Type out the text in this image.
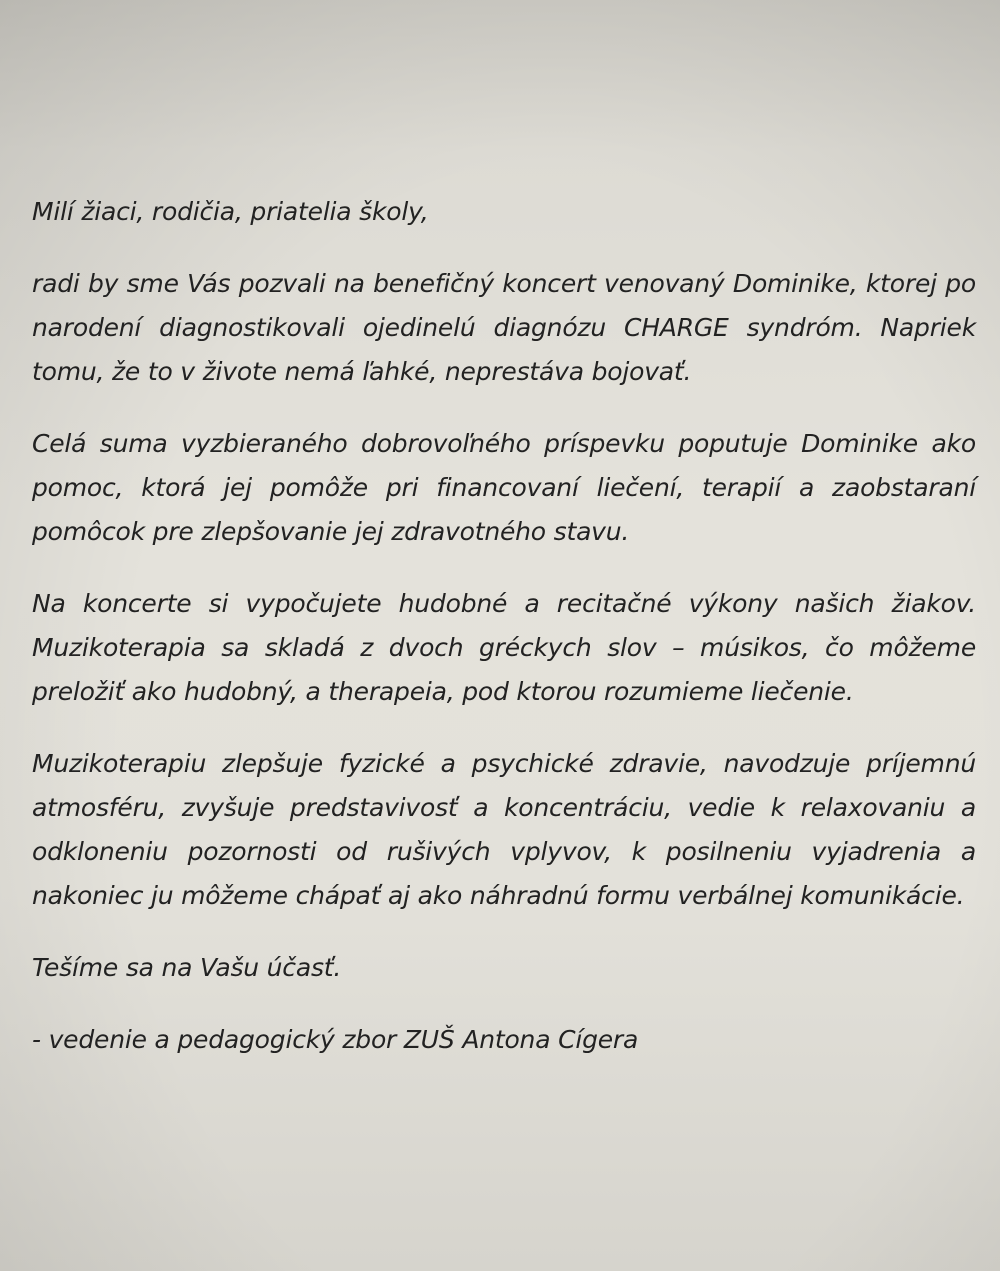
Milí žiaci, rodičia, priatelia školy,

radi by sme Vás pozvali na benefičný koncert venovaný Dominike, ktorej po narodení diagnostikovali ojedinelú diagnózu CHARGE syndróm. Napriek tomu, že to v živote nemá ľahké, neprestáva bojovať.

Celá suma vyzbieraného dobrovoľného príspevku poputuje Dominike ako pomoc, ktorá jej pomôže pri financovaní liečení, terapií a zaobstaraní pomôcok pre zlepšovanie jej zdravotného stavu.

Na koncerte si vypočujete hudobné a recitačné výkony našich žiakov. Muzikoterapia sa skladá z dvoch gréckych slov – músikos, čo môžeme preložiť ako hudobný, a therapeia, pod ktorou rozumieme liečenie.

Muzikoterapiu zlepšuje fyzické a psychické zdravie, navodzuje príjemnú atmosféru, zvyšuje predstavivosť a koncentráciu, vedie k relaxovaniu a odkloneniu pozornosti od rušivých vplyvov, k posilneniu vyjadrenia a nakoniec ju môžeme chápať aj ako náhradnú formu verbálnej komunikácie.

Tešíme sa na Vašu účasť.

- vedenie a pedagogický zbor ZUŠ Antona Cígera
